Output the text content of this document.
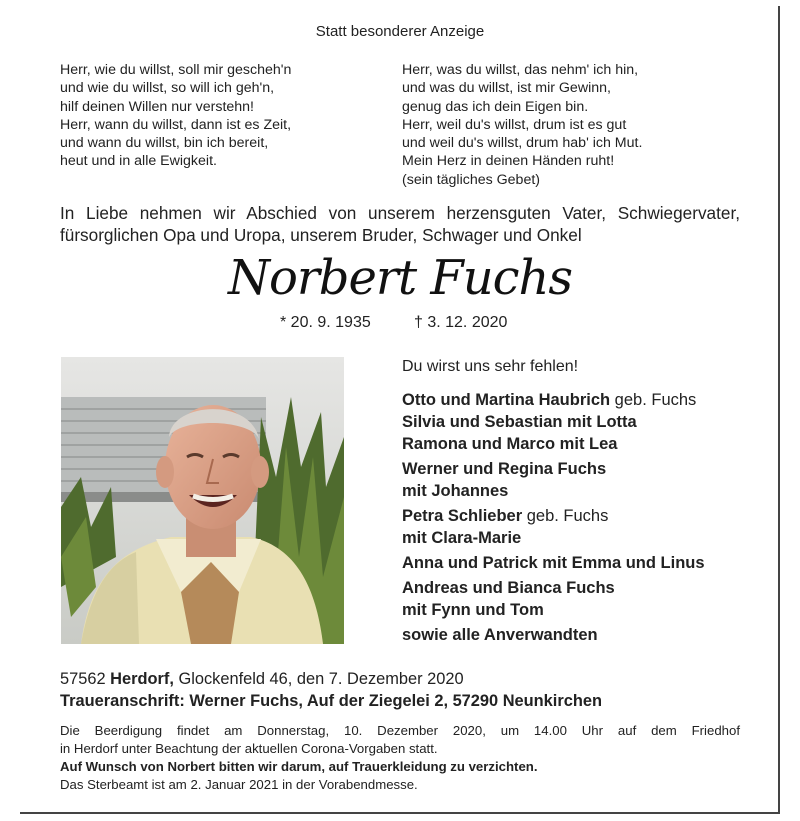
Statt besonderer Anzeige
Herr, wie du willst, soll mir gescheh'n
und wie du willst, so will ich geh'n,
hilf deinen Willen nur verstehn!
Herr, wann du willst, dann ist es Zeit,
und wann du willst, bin ich bereit,
heut und in alle Ewigkeit.
Herr, was du willst, das nehm' ich hin,
und was du willst, ist mir Gewinn,
genug das ich dein Eigen bin.
Herr, weil du's willst, drum ist es gut
und weil du's willst, drum hab' ich Mut.
Mein Herz in deinen Händen ruht!
(sein tägliches Gebet)
In Liebe nehmen wir Abschied von unserem herzensguten Vater, Schwiegervater,
fürsorglichen Opa und Uropa, unserem Bruder, Schwager und Onkel
Norbert Fuchs
* 20. 9. 1935	† 3. 12. 2020
Du wirst uns sehr fehlen!
Otto und Martina Haubrich geb. Fuchs
Silvia und Sebastian mit Lotta
Ramona und Marco mit Lea
Werner und Regina Fuchs
mit Johannes
Petra Schlieber geb. Fuchs
mit Clara-Marie
Anna und Patrick mit Emma und Linus
Andreas und Bianca Fuchs
mit Fynn und Tom
sowie alle Anverwandten
57562 Herdorf, Glockenfeld 46, den 7. Dezember 2020
Traueranschrift: Werner Fuchs, Auf der Ziegelei 2, 57290 Neunkirchen
Die Beerdigung findet am Donnerstag, 10. Dezember 2020, um 14.00 Uhr auf dem Friedhof
in Herdorf unter Beachtung der aktuellen Corona-Vorgaben statt.
Auf Wunsch von Norbert bitten wir darum, auf Trauerkleidung zu verzichten.
Das Sterbeamt ist am 2. Januar 2021 in der Vorabendmesse.
